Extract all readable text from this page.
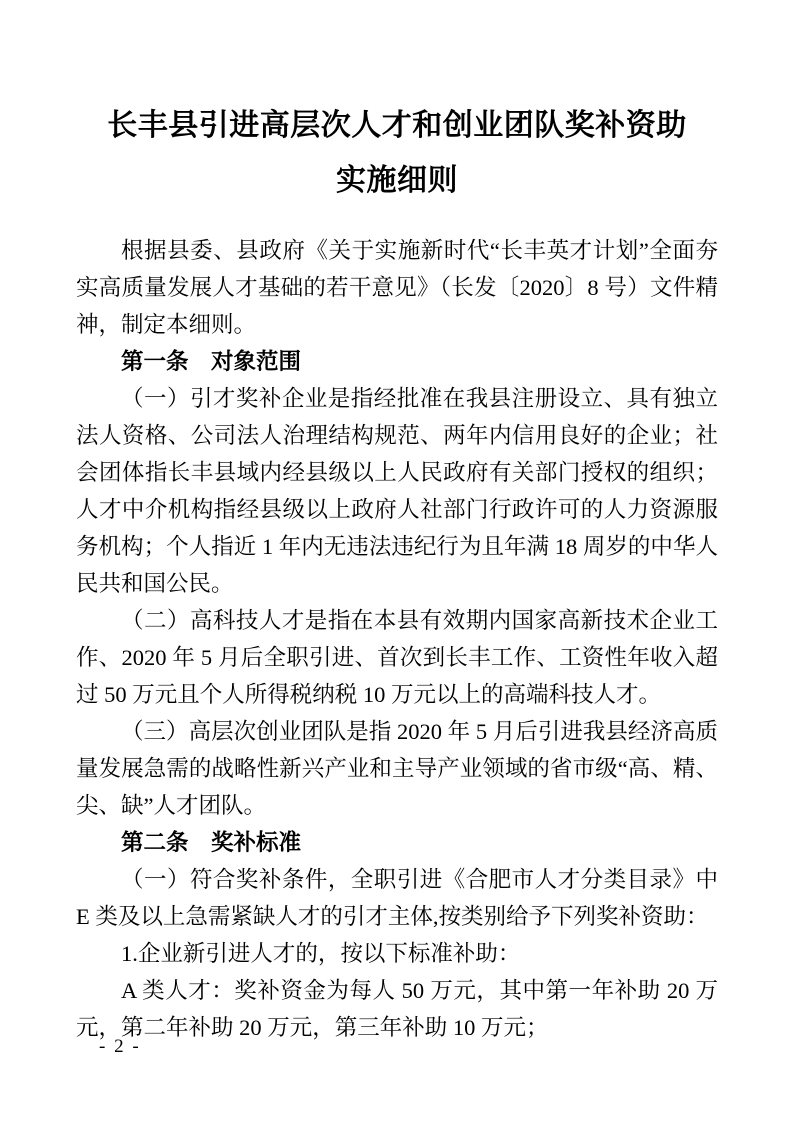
长丰县引进高层次人才和创业团队奖补资助
实施细则

根据县委、县政府《关于实施新时代“长丰英才计划”全面夯实高质量发展人才基础的若干意见》（长发〔2020〕8 号）文件精神，制定本细则。

第一条　对象范围

（一）引才奖补企业是指经批准在我县注册设立、具有独立法人资格、公司法人治理结构规范、两年内信用良好的企业；社会团体指长丰县域内经县级以上人民政府有关部门授权的组织；人才中介机构指经县级以上政府人社部门行政许可的人力资源服务机构；个人指近 1 年内无违法违纪行为且年满 18 周岁的中华人民共和国公民。

（二）高科技人才是指在本县有效期内国家高新技术企业工作、2020 年 5 月后全职引进、首次到长丰工作、工资性年收入超过 50 万元且个人所得税纳税 10 万元以上的高端科技人才。

（三）高层次创业团队是指 2020 年 5 月后引进我县经济高质量发展急需的战略性新兴产业和主导产业领域的省市级“高、精、尖、缺”人才团队。

第二条　奖补标准

（一）符合奖补条件，全职引进《合肥市人才分类目录》中 E 类及以上急需紧缺人才的引才主体,按类别给予下列奖补资助：

1.企业新引进人才的，按以下标准补助：

A 类人才：奖补资金为每人 50 万元，其中第一年补助 20 万元，第二年补助 20 万元，第三年补助 10 万元；

- 2 -
